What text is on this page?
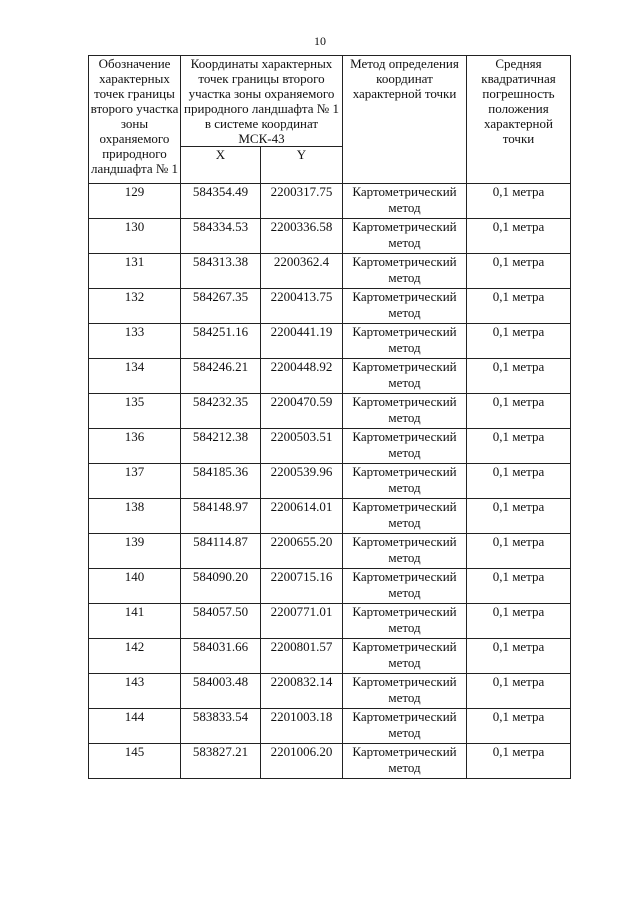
10
Обозначение характерных точек границы второго участка зоны охраняемого природного ландшафта № 1	Координаты характерных точек границы второго участка зоны охраняемого природного ландшафта № 1 в системе координат МСК-43		Метод определения координат характерной точки	Средняя квадратичная погрешность положения характерной точки
	X	Y		
129	584354.49	2200317.75	Картометрический метод	0,1 метра
130	584334.53	2200336.58	Картометрический метод	0,1 метра
131	584313.38	2200362.4	Картометрический метод	0,1 метра
132	584267.35	2200413.75	Картометрический метод	0,1 метра
133	584251.16	2200441.19	Картометрический метод	0,1 метра
134	584246.21	2200448.92	Картометрический метод	0,1 метра
135	584232.35	2200470.59	Картометрический метод	0,1 метра
136	584212.38	2200503.51	Картометрический метод	0,1 метра
137	584185.36	2200539.96	Картометрический метод	0,1 метра
138	584148.97	2200614.01	Картометрический метод	0,1 метра
139	584114.87	2200655.20	Картометрический метод	0,1 метра
140	584090.20	2200715.16	Картометрический метод	0,1 метра
141	584057.50	2200771.01	Картометрический метод	0,1 метра
142	584031.66	2200801.57	Картометрический метод	0,1 метра
143	584003.48	2200832.14	Картометрический метод	0,1 метра
144	583833.54	2201003.18	Картометрический метод	0,1 метра
145	583827.21	2201006.20	Картометрический метод	0,1 метра
